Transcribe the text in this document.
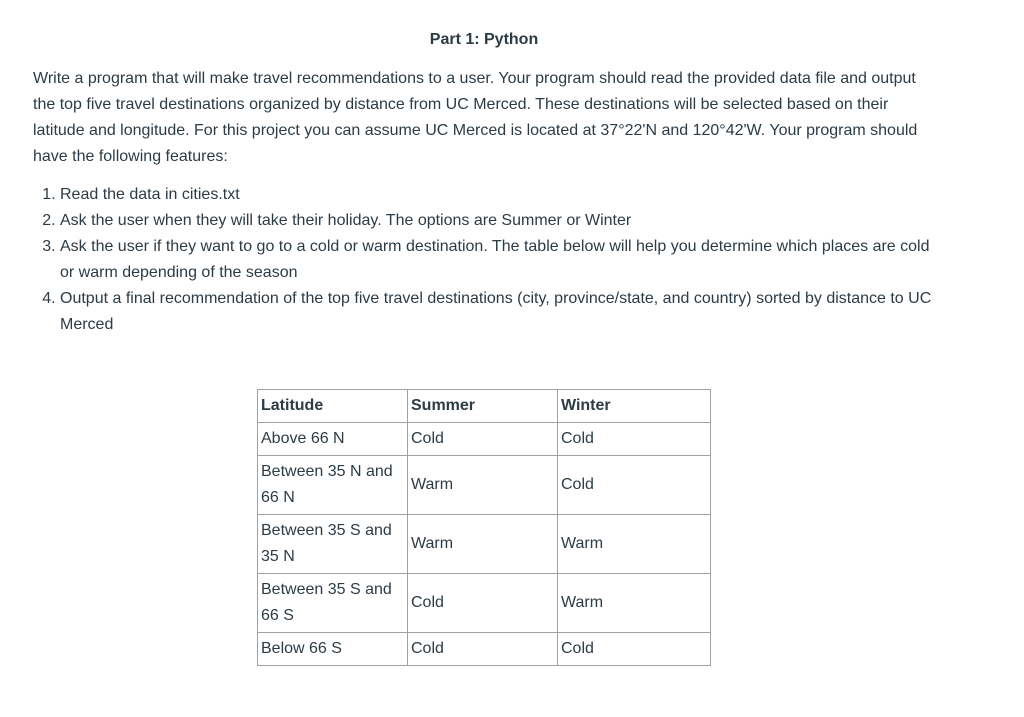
Part 1: Python

Write a program that will make travel recommendations to a user. Your program should read the provided data file and output the top five travel destinations organized by distance from UC Merced. These destinations will be selected based on their latitude and longitude. For this project you can assume UC Merced is located at 37°22'N and 120°42'W. Your program should have the following features:

1. Read the data in cities.txt
2. Ask the user when they will take their holiday. The options are Summer or Winter
3. Ask the user if they want to go to a cold or warm destination. The table below will help you determine which places are cold or warm depending of the season
4. Output a final recommendation of the top five travel destinations (city, province/state, and country) sorted by distance to UC Merced
Latitude	Summer	Winter
Above 66 N	Cold	Cold
Between 35 N and 66 N	Warm	Cold
Between 35 S and 35 N	Warm	Warm
Between 35 S and 66 S	Cold	Warm
Below 66 S	Cold	Cold
